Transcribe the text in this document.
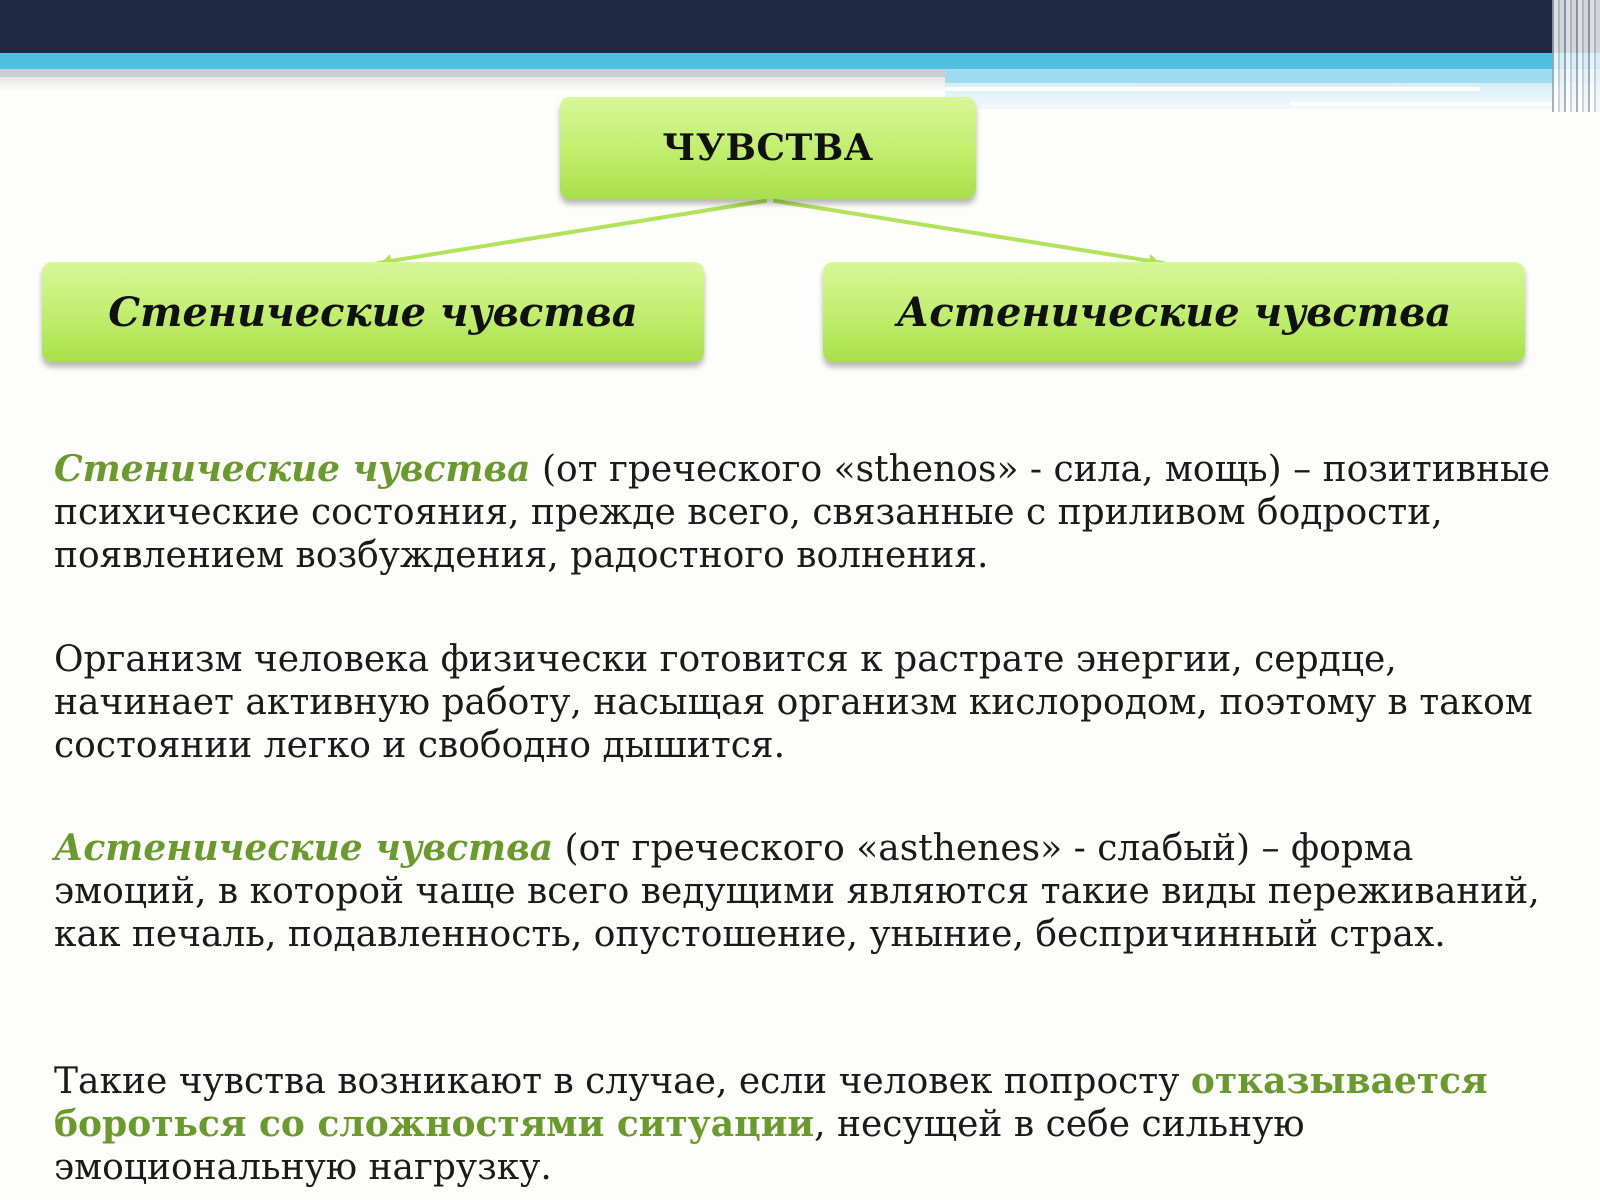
ЧУВСТВА
Стенические чувства	Астенические чувства

Стенические чувства (от греческого «sthenos» - сила, мощь) – позитивные психические состояния, прежде всего, связанные с приливом бодрости, появлением возбуждения, радостного волнения.

Организм человека физически готовится к растрате энергии, сердце, начинает активную работу, насыщая организм кислородом, поэтому в таком состоянии легко и свободно дышится.

Астенические чувства (от греческого «asthenes» - слабый) – форма эмоций, в которой чаще всего ведущими являются такие виды переживаний, как печаль, подавленность, опустошение, уныние, беспричинный страх.

Такие чувства возникают в случае, если человек попросту отказывается бороться со сложностями ситуации, несущей в себе сильную эмоциональную нагрузку.
